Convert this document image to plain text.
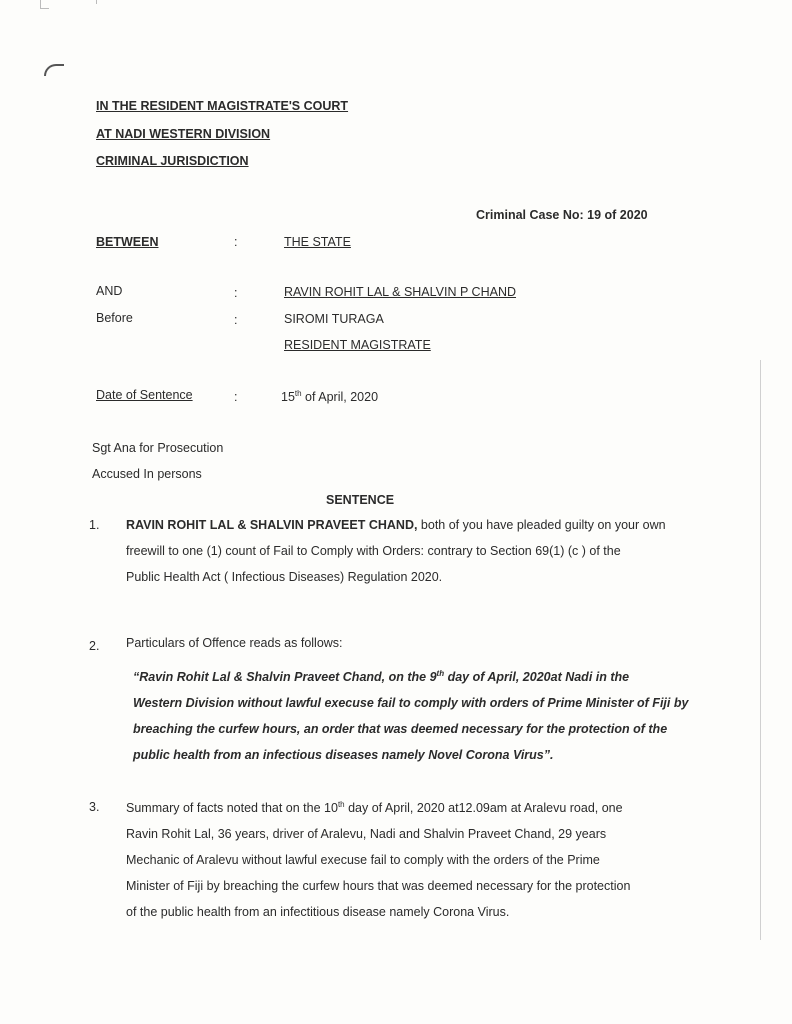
IN THE RESIDENT MAGISTRATE'S COURT
AT NADI WESTERN DIVISION
CRIMINAL JURISDICTION
Criminal Case No: 19 of 2020
BETWEEN	:	THE STATE
AND	:	RAVIN ROHIT LAL & SHALVIN P CHAND
Before	:	SIROMI TURAGA
RESIDENT MAGISTRATE
Date of Sentence	:	15th of April, 2020
Sgt Ana for Prosecution
Accused In persons
SENTENCE
1. RAVIN ROHIT LAL & SHALVIN PRAVEET CHAND, both of you have pleaded guilty on your own
freewill to one (1) count of Fail to Comply with Orders: contrary to Section 69(1) (c ) of the
Public Health Act ( Infectious Diseases) Regulation 2020.
2. Particulars of Offence reads as follows:
“Ravin Rohit Lal & Shalvin Praveet Chand, on the 9th day of April, 2020at Nadi in the
Western Division without lawful execuse fail to comply with orders of Prime Minister of Fiji by
breaching the curfew hours, an order that was deemed necessary for the protection of the
public health from an infectious diseases namely Novel Corona Virus”.
3. Summary of facts noted that on the 10th day of April, 2020 at12.09am at Aralevu road, one
Ravin Rohit Lal, 36 years, driver of Aralevu, Nadi and Shalvin Praveet Chand, 29 years
Mechanic of Aralevu without lawful execuse fail to comply with the orders of the Prime
Minister of Fiji by breaching the curfew hours that was deemed necessary for the protection
of the public health from an infectitious disease namely Corona Virus.
